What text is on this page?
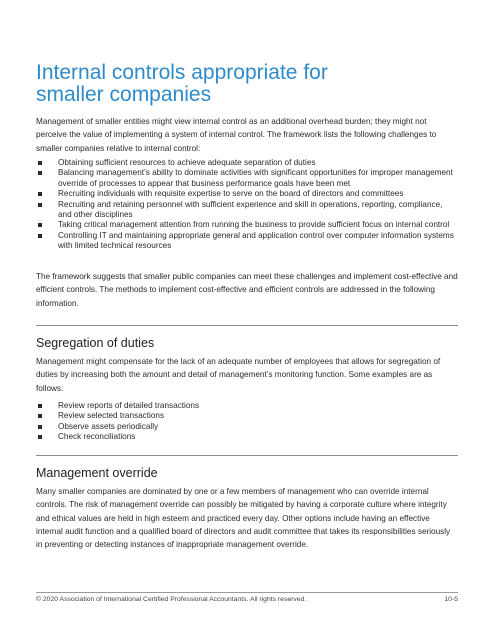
Internal controls appropriate for
smaller companies

Management of smaller entities might view internal control as an additional overhead burden; they might not perceive the value of implementing a system of internal control. The framework lists the following challenges to smaller companies relative to internal control:

Obtaining sufficient resources to achieve adequate separation of duties
Balancing management’s ability to dominate activities with significant opportunities for improper management override of processes to appear that business performance goals have been met
Recruiting individuals with requisite expertise to serve on the board of directors and committees
Recruiting and retaining personnel with sufficient experience and skill in operations, reporting, compliance, and other disciplines
Taking critical management attention from running the business to provide sufficient focus on internal control
Controlling IT and maintaining appropriate general and application control over computer information systems with limited technical resources

The framework suggests that smaller public companies can meet these challenges and implement cost-effective and efficient controls. The methods to implement cost-effective and efficient controls are addressed in the following information.

Segregation of duties

Management might compensate for the lack of an adequate number of employees that allows for segregation of duties by increasing both the amount and detail of management’s monitoring function. Some examples are as follows:

Review reports of detailed transactions
Review selected transactions
Observe assets periodically
Check reconciliations
Management override

Many smaller companies are dominated by one or a few members of management who can override internal controls. The risk of management override can possibly be mitigated by having a corporate culture where integrity and ethical values are held in high esteem and practiced every day. Other options include having an effective internal audit function and a qualified board of directors and audit committee that takes its responsibilities seriously in preventing or detecting instances of inappropriate management override.

© 2020 Association of International Certified Professional Accountants. All rights reserved.	10-5
